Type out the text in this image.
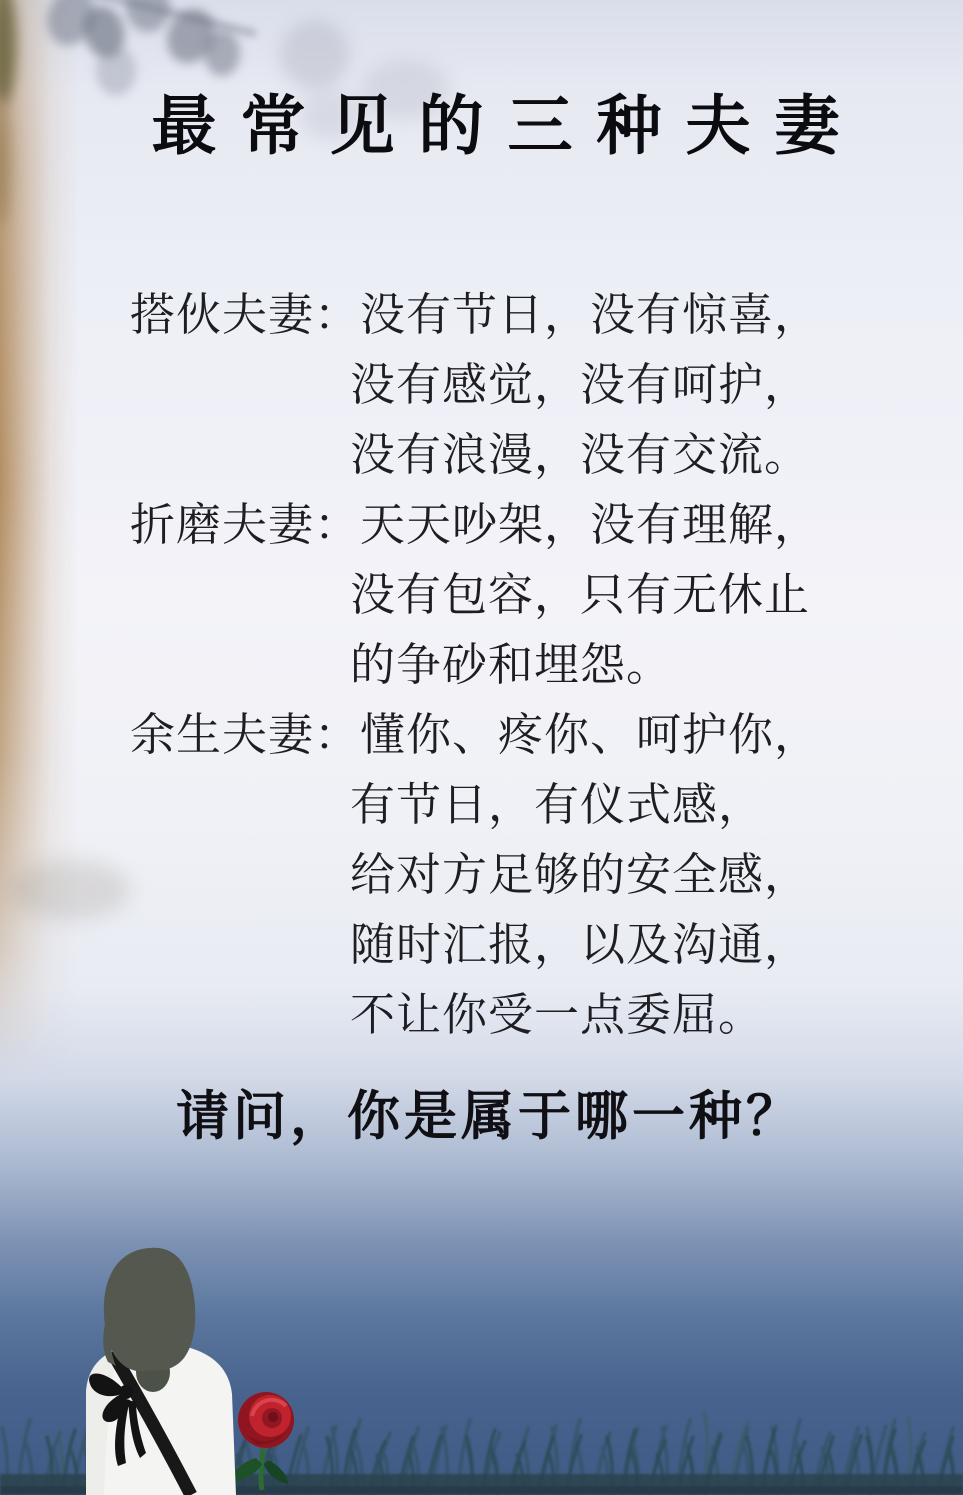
最常见的三种夫妻
搭伙夫妻： 没有节日，没有惊喜，
没有感觉，没有呵护，
没有浪漫，没有交流。
折磨夫妻： 天天吵架，没有理解，
没有包容，只有无休止
的争砂和埋怨。
余生夫妻： 懂你、疼你、呵护你，
有节日，有仪式感，
给对方足够的安全感，
随时汇报，以及沟通，
不让你受一点委屈。

请问，你是属于哪一种？
